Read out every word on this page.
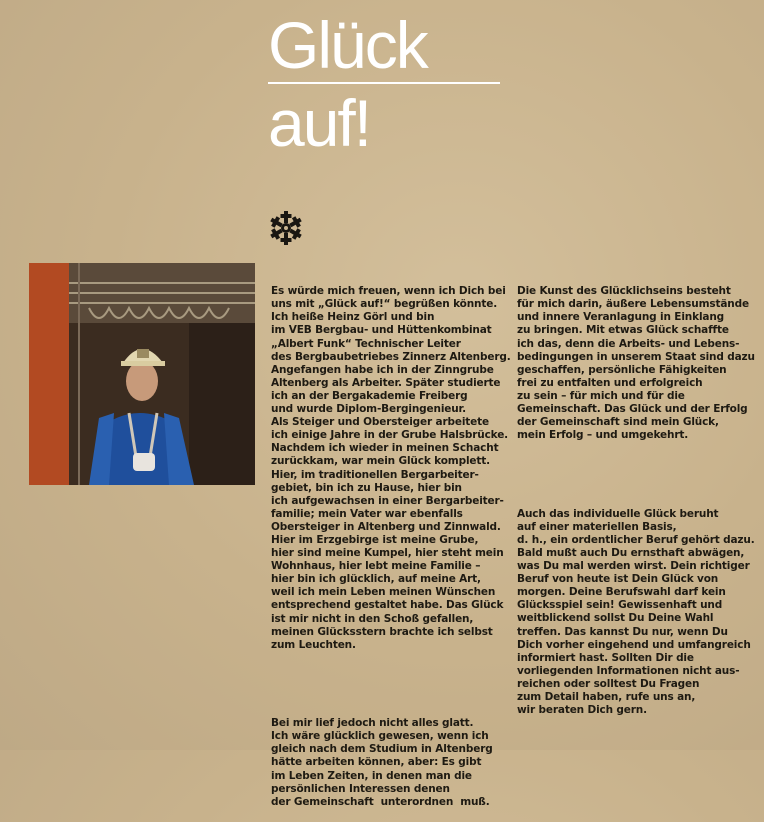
Glück
auf!

Es würde mich freuen, wenn ich Dich bei
uns mit „Glück auf!“ begrüßen könnte.
Ich heiße Heinz Görl und bin
im VEB Bergbau- und Hüttenkombinat
„Albert Funk“ Technischer Leiter
des Bergbaubetriebes Zinnerz Altenberg.
Angefangen habe ich in der Zinngrube
Altenberg als Arbeiter. Später studierte
ich an der Bergakademie Freiberg
und wurde Diplom-Bergingenieur.
Als Steiger und Obersteiger arbeitete
ich einige Jahre in der Grube Halsbrücke.
Nachdem ich wieder in meinen Schacht
zurückkam, war mein Glück komplett.
Hier, im traditionellen Bergarbeiter-
gebiet, bin ich zu Hause, hier bin
ich aufgewachsen in einer Bergarbeiter-
familie; mein Vater war ebenfalls
Obersteiger in Altenberg und Zinnwald.
Hier im Erzgebirge ist meine Grube,
hier sind meine Kumpel, hier steht mein
Wohnhaus, hier lebt meine Familie –
hier bin ich glücklich, auf meine Art,
weil ich mein Leben meinen Wünschen
entsprechend gestaltet habe. Das Glück
ist mir nicht in den Schoß gefallen,
meinen Glücksstern brachte ich selbst
zum Leuchten.

Bei mir lief jedoch nicht alles glatt.
Ich wäre glücklich gewesen, wenn ich
gleich nach dem Studium in Altenberg
hätte arbeiten können, aber: Es gibt
im Leben Zeiten, in denen man die
persönlichen Interessen denen
der Gemeinschaft  unterordnen  muß.

Die Kunst des Glücklichseins besteht
für mich darin, äußere Lebensumstände
und innere Veranlagung in Einklang
zu bringen. Mit etwas Glück schaffte
ich das, denn die Arbeits- und Lebens-
bedingungen in unserem Staat sind dazu
geschaffen, persönliche Fähigkeiten
frei zu entfalten und erfolgreich
zu sein – für mich und für die
Gemeinschaft. Das Glück und der Erfolg
der Gemeinschaft sind mein Glück,
mein Erfolg – und umgekehrt.

Auch das individuelle Glück beruht
auf einer materiellen Basis,
d. h., ein ordentlicher Beruf gehört dazu.
Bald mußt auch Du ernsthaft abwägen,
was Du mal werden wirst. Dein richtiger
Beruf von heute ist Dein Glück von
morgen. Deine Berufswahl darf kein
Glücksspiel sein! Gewissenhaft und
weitblickend sollst Du Deine Wahl
treffen. Das kannst Du nur, wenn Du
Dich vorher eingehend und umfangreich
informiert hast. Sollten Dir die
vorliegenden Informationen nicht aus-
reichen oder solltest Du Fragen
zum Detail haben, rufe uns an,
wir beraten Dich gern.
